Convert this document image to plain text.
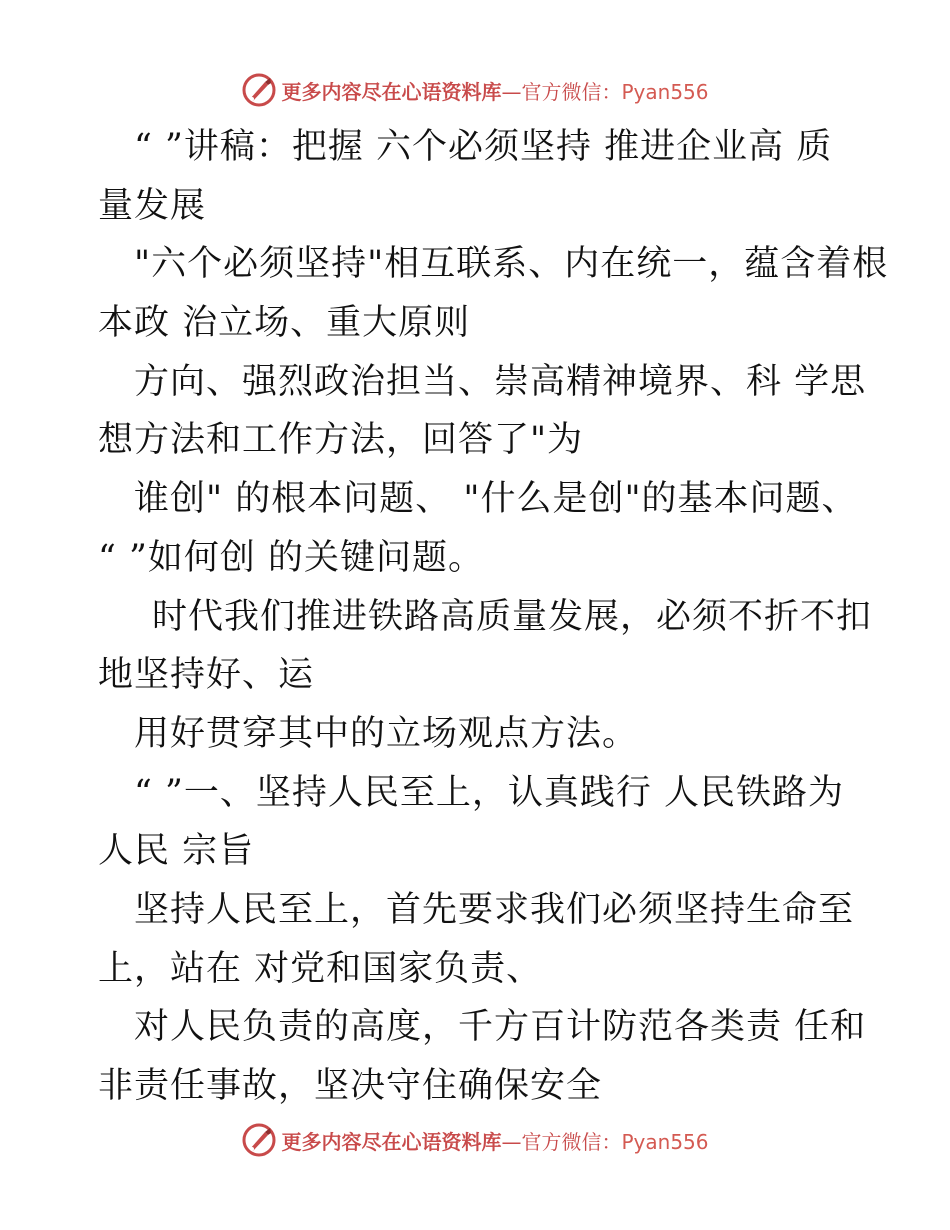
更多内容尽在心语资料库—官方微信：Pyan556
“ ”讲稿：把握 六个必须坚持 推进企业高 质
量发展
"六个必须坚持"相互联系、内在统一，蕴含着根
本政 治立场、重大原则
方向、强烈政治担当、崇高精神境界、科 学思
想方法和工作方法，回答了"为
谁创" 的根本问题、 "什么是创"的基本问题、
“ ”如何创 的关键问题。
时代我们推进铁路高质量发展，必须不折不扣
地坚持好、运
用好贯穿其中的立场观点方法。
“ ”一、坚持人民至上，认真践行 人民铁路为
人民 宗旨
坚持人民至上，首先要求我们必须坚持生命至
上，站在 对党和国家负责、
对人民负责的高度，千方百计防范各类责 任和
非责任事故，坚决守住确保安全
更多内容尽在心语资料库—官方微信：Pyan556
